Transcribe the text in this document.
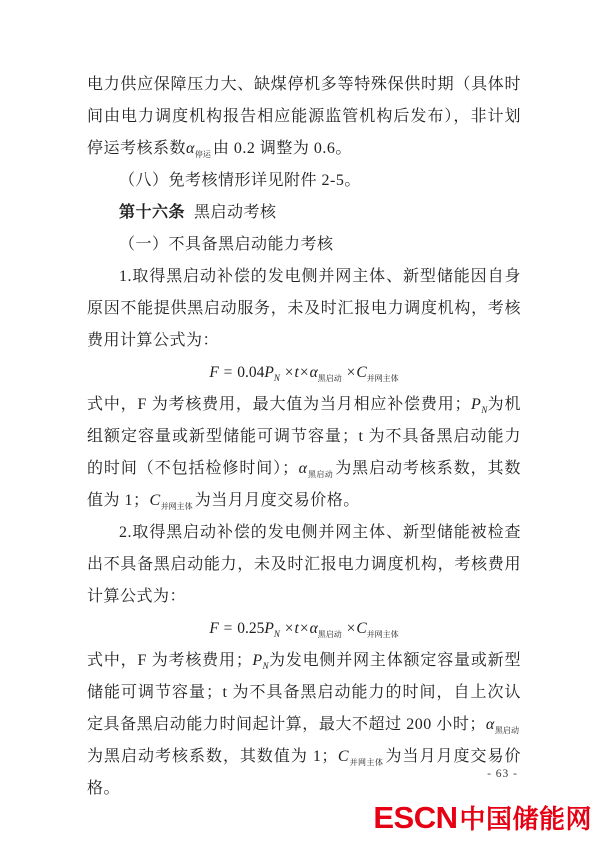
电力供应保障压力大、缺煤停机多等特殊保供时期（具体时间由电力调度机构报告相应能源监管机构后发布），非计划停运考核系数$\alpha_{停运}$ 由 0.2 调整为 0.6。

（八）免考核情形详见附件 2-5。

第十六条 黑启动考核

（一）不具备黑启动能力考核

1.取得黑启动补偿的发电侧并网主体、新型储能因自身原因不能提供黑启动服务，未及时汇报电力调度机构，考核费用计算公式为：

$F = 0.04P_N \times t\times\alpha_{黑启动} \times C_{并网主体}$

式中，F 为考核费用，最大值为当月相应补偿费用；$P_N$为机组额定容量或新型储能可调节容量；t 为不具备黑启动能力的时间（不包括检修时间）；$\alpha_{黑启动}$ 为黑启动考核系数，其数值为 1；$C_{并网主体}$ 为当月月度交易价格。

2.取得黑启动补偿的发电侧并网主体、新型储能被检查出不具备黑启动能力，未及时汇报电力调度机构，考核费用计算公式为：

$F = 0.25P_N \times t\times\alpha_{黑启动} \times C_{并网主体}$

式中，F 为考核费用；$P_N$为发电侧并网主体额定容量或新型储能可调节容量；t 为不具备黑启动能力的时间，自上次认定具备黑启动能力时间起计算，最大不超过 200 小时；$\alpha_{黑启动}$为黑启动考核系数，其数值为 1；$C_{并网主体}$ 为当月月度交易价格。

- 63 -
ESCN中国储能网
